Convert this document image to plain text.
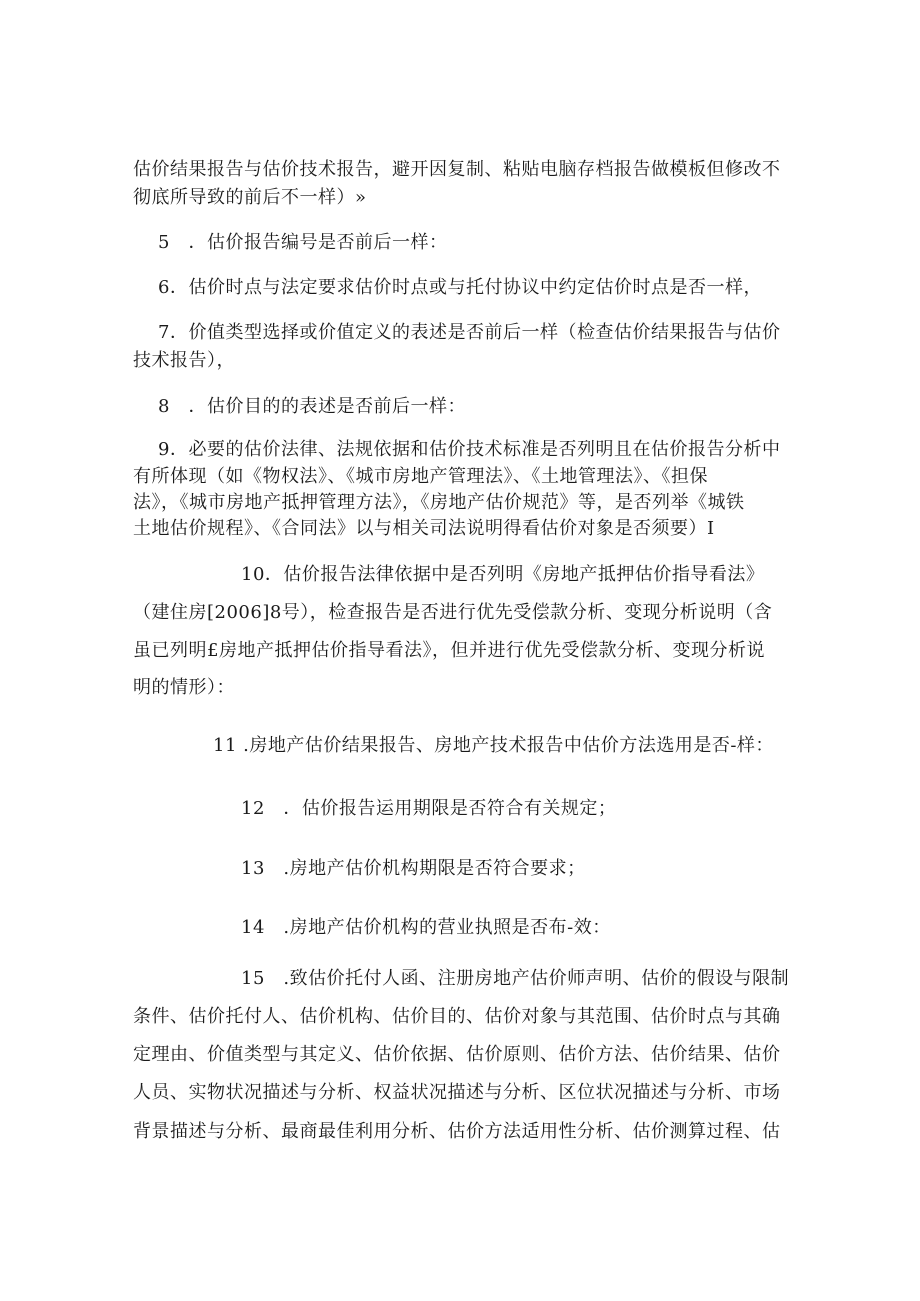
估价结果报告与估价技术报告，避开因复制、粘贴电脑存档报告做模板但修改不
彻底所导致的前后不一样）»
5　．估价报告编号是否前后一样：
6．估价时点与法定要求估价时点或与托付协议中约定估价时点是否一样，
7．价值类型选择或价值定义的表述是否前后一样（检查估价结果报告与估价
技术报告），
8　．估价目的的表述是否前后一样：
9．必要的估价法律、法规依据和估价技术标准是否列明且在估价报告分析中
有所体现（如《物权法》、《城市房地产管理法》、《土地管理法》、《担保
法》，《城市房地产抵押管理方法》，《房地产估价规范》等，是否列举《城铁
土地估价规程》、《合同法》以与相关司法说明得看估价对象是否须要）I
10．估价报告法律依据中是否列明《房地产抵押估价指导看法》
（建住房[2006]8号），检查报告是否进行优先受偿款分析、变现分析说明（含
虽已列明£房地产抵押估价指导看法》，但并进行优先受偿款分析、变现分析说
明的情形）：
11 .房地产估价结果报告、房地产技术报告中估价方法选用是否-样：
12　．估价报告运用期限是否符合有关规定；
13　.房地产估价机构期限是否符合要求；
14　.房地产估价机构的营业执照是否布-效：
15　.致估价托付人函、注册房地产估价师声明、估价的假设与限制
条件、估价托付人、估价机构、估价目的、估价对象与其范围、估价时点与其确
定理由、价值类型与其定义、估价依据、估价原则、估价方法、估价结果、估价
人员、实物状况描述与分析、权益状况描述与分析、区位状况描述与分析、市场
背景描述与分析、最商最佳利用分析、估价方法适用性分析、估价测算过程、估
